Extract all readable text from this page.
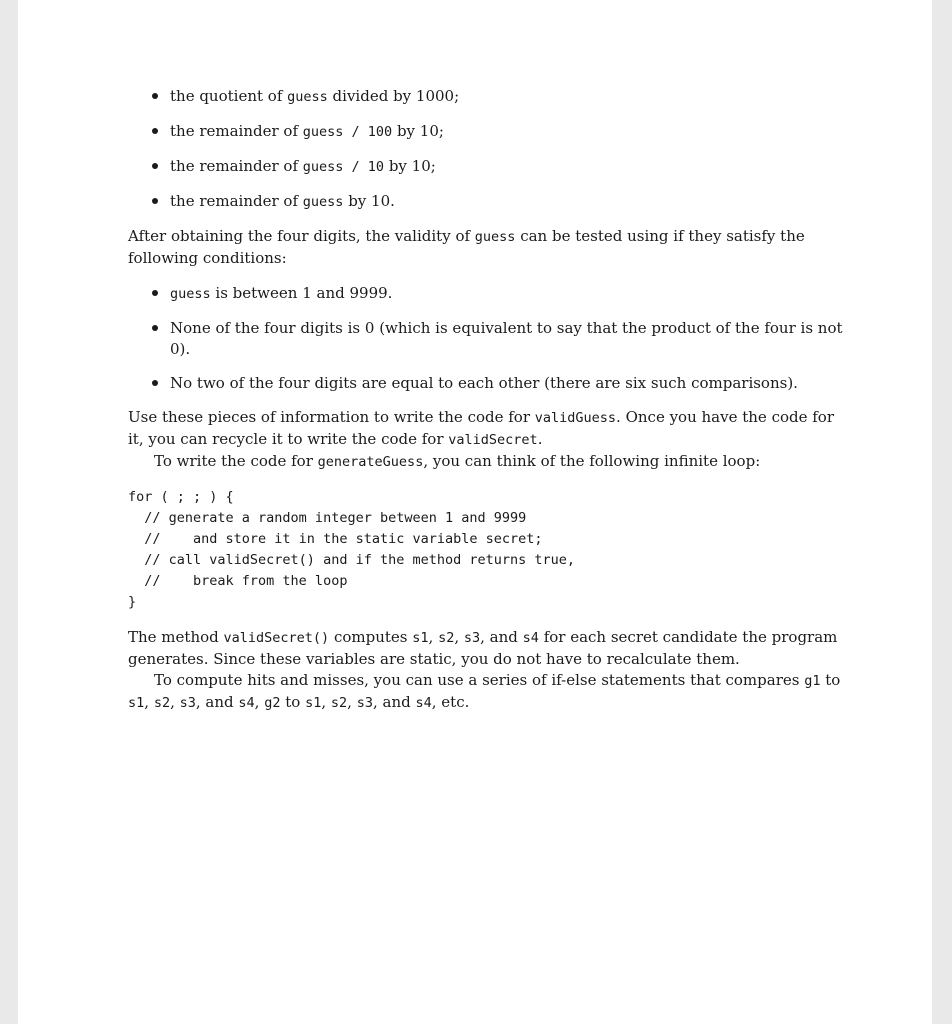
the quotient of guess divided by 1000;
the remainder of guess / 100 by 10;
the remainder of guess / 10 by 10;
the remainder of guess by 10.

After obtaining the four digits, the validity of guess can be tested using if they satisfy the following conditions:

guess is between 1 and 9999.
None of the four digits is 0 (which is equivalent to say that the product of the four is not 0).
No two of the four digits are equal to each other (there are six such comparisons).

Use these pieces of information to write the code for validGuess. Once you have the code for it, you can recycle it to write the code for validSecret.

To write the code for generateGuess, you can think of the following infinite loop:

for ( ; ; ) {
// generate a random integer between 1 and 9999
//    and store it in the static variable secret;
// call validSecret() and if the method returns true,
//    break from the loop
}

The method validSecret() computes s1, s2, s3, and s4 for each secret candidate the program generates. Since these variables are static, you do not have to recalculate them.

To compute hits and misses, you can use a series of if-else statements that compares g1 to s1, s2, s3, and s4, g2 to s1, s2, s3, and s4, etc.
